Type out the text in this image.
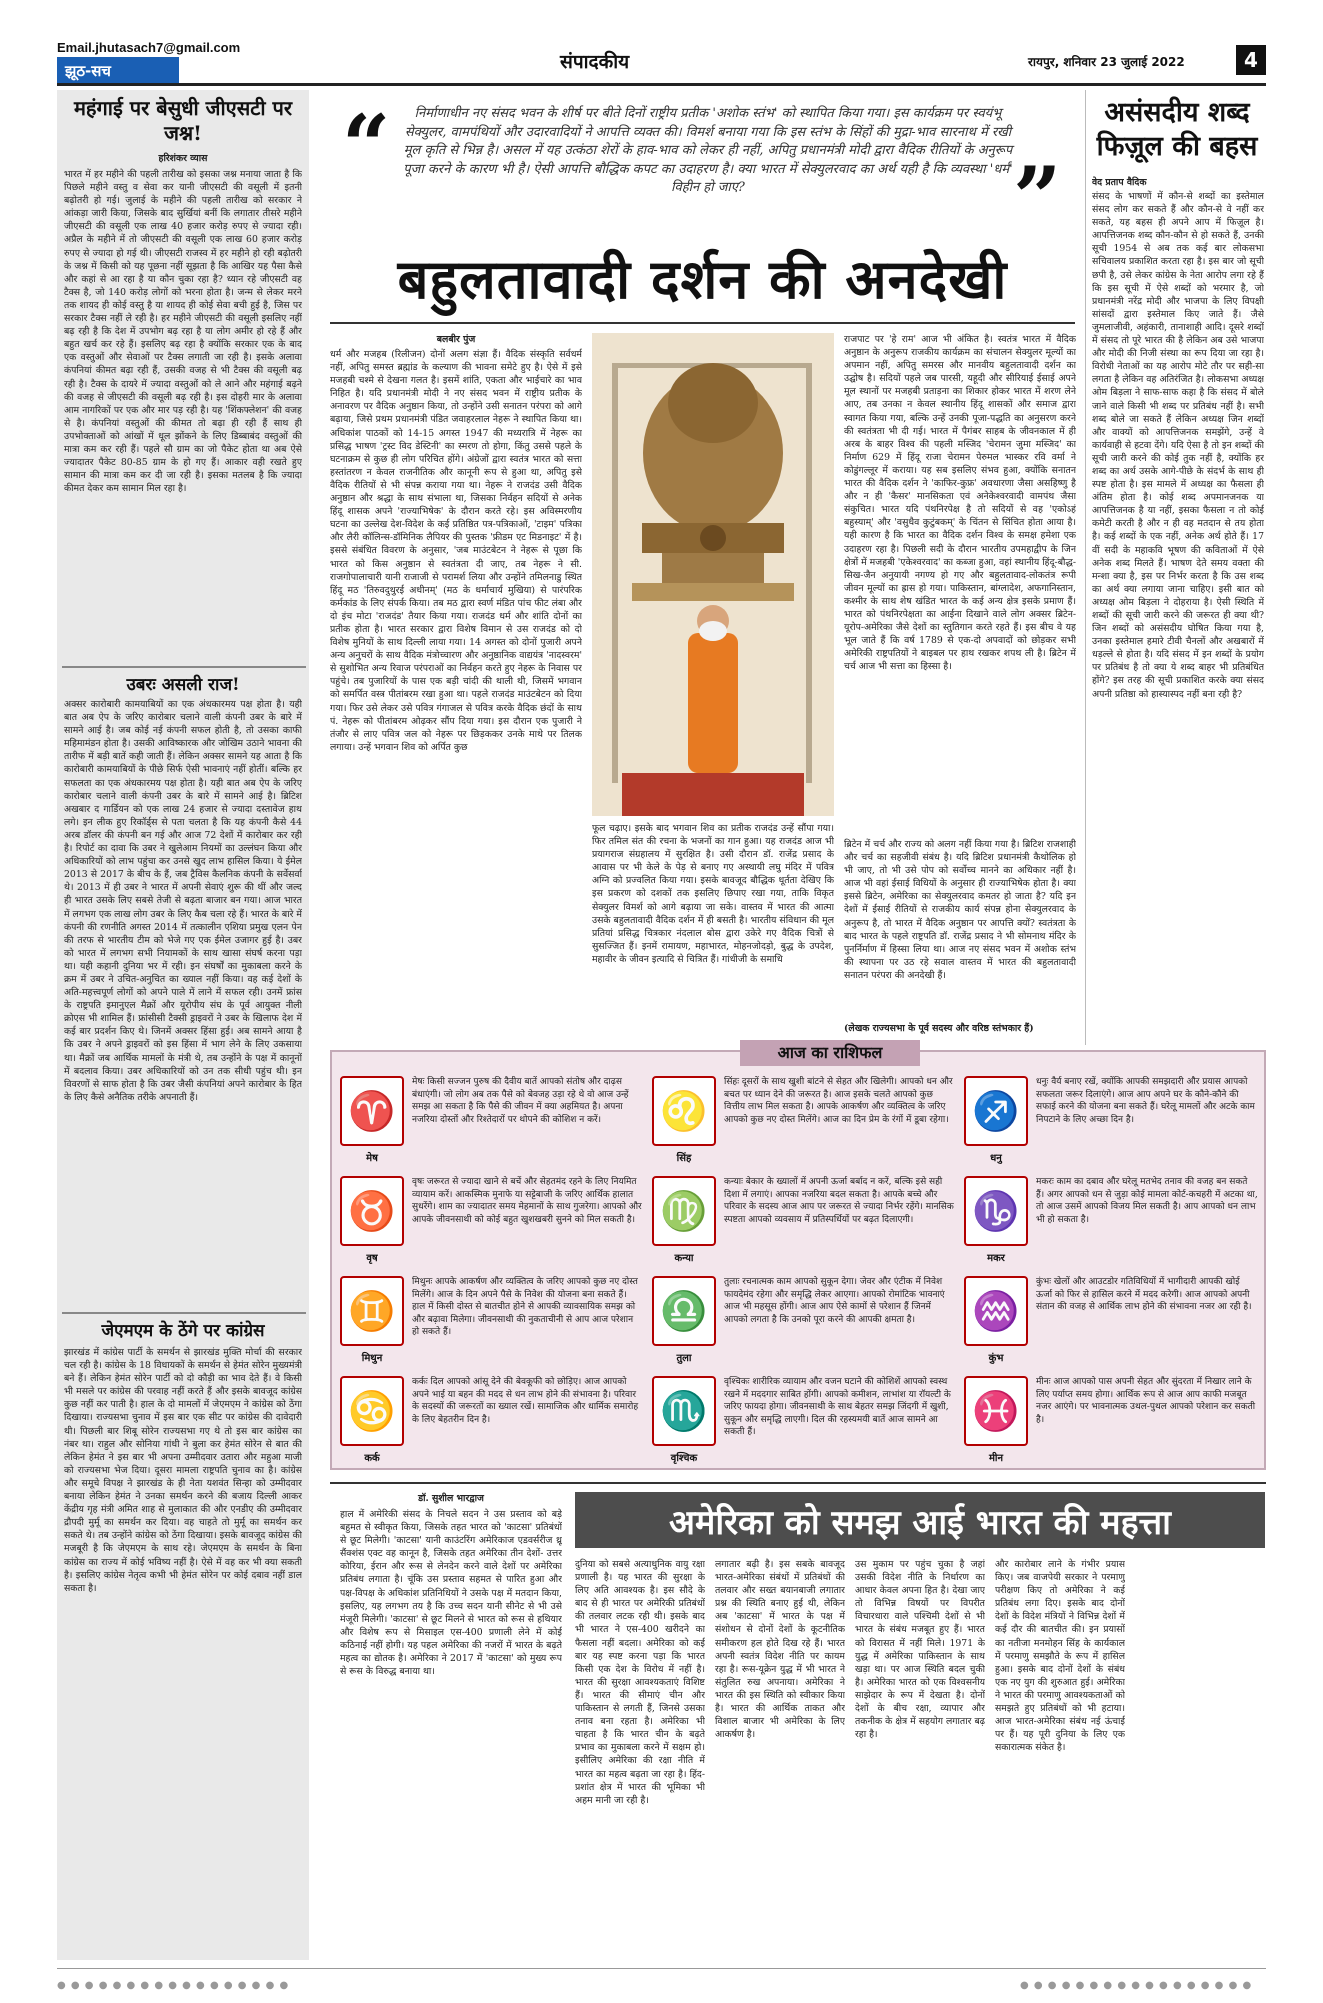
Email.jhutasach7@gmail.com
झूठ-सच	संपादकीय	रायपुर, शनिवार 23 जुलाई 2022	4
महंगाई पर बेसुधी जीएसटी पर जश्न!
हरिशंकर व्यास
भारत में हर महीने की पहली तारीख को इसका जश्न मनाया जाता है कि पिछले महीने वस्तु व सेवा कर यानी जीएसटी की वसूली में इतनी बढ़ोतरी हो गई। जुलाई के महीने की पहली तारीख को सरकार ने आंकड़ा जारी किया, जिसके बाद सुर्खियां बनीं कि लगातार तीसरे महीने जीएसटी की वसूली एक लाख 40 हजार करोड़ रुपए से ज्यादा रही। अप्रैल के महीने में तो जीएसटी की वसूली एक लाख 60 हजार करोड़ रुपए से ज्यादा हो गई थी। जीएसटी राजस्व में हर महीने हो रही बढ़ोतरी के जश्न में किसी को यह पूछना नहीं सूझता है कि आखिर यह पैसा कैसे और कहां से आ रहा है या कौन चुका रहा है? ध्यान रहे जीएसटी वह टैक्स है, जो 140 करोड़ लोगों को भरना होता है। जन्म से लेकर मरने तक शायद ही कोई वस्तु है या शायद ही कोई सेवा बची हुई है, जिस पर सरकार टैक्स नहीं ले रही है। हर महीने जीएसटी की वसूली इसलिए नहीं बढ़ रही है कि देश में उपभोग बढ़ रहा है या लोग अमीर हो रहे हैं और बहुत खर्च कर रहे हैं। इसलिए बढ़ रहा है क्योंकि सरकार एक के बाद एक वस्तुओं और सेवाओं पर टैक्स लगाती जा रही है। इसके अलावा कंपनियां कीमत बढ़ा रही हैं, उसकी वजह से भी टैक्स की वसूली बढ़ रही है। टैक्स के दायरे में ज्यादा वस्तुओं को ले आने और महंगाई बढ़ने की वजह से जीएसटी की वसूली बढ़ रही है। इस दोहरी मार के अलावा आम नागरिकों पर एक और मार पड़ रही है। यह 'शिंकफ्लेशन' की वजह से है। कंपनियां वस्तुओं की कीमत तो बढ़ा ही रही हैं साथ ही उपभोक्ताओं को आंखों में धूल झोंकने के लिए डिब्बाबंद वस्तुओं की मात्रा कम कर रही हैं। पहले सौ ग्राम का जो पैकेट होता था अब ऐसे ज्यादातर पैकेट 80-85 ग्राम के हो गए हैं। आकार वही रखते हुए सामान की मात्रा कम कर दी जा रही है। इसका मतलब है कि ज्यादा कीमत देकर कम सामान मिल रहा है।
उबरः असली राज!
अक्सर कारोबारी कामयाबियों का एक अंधकारमय पक्ष होता है। यही बात अब ऐप के जरिए कारोबार चलाने वाली कंपनी उबर के बारे में सामने आई है। जब कोई नई कंपनी सफल होती है, तो उसका काफी महिमामंडन होता है। उसकी आविष्कारक और जोखिम उठाने भावना की तारीफ में बड़ी बातें कही जाती हैं। लेकिन अक्सर सामने यह आता है कि कारोबारी कामयाबियों के पीछे सिर्फ ऐसी भावनाएं नहीं होतीं। बल्कि हर सफलता का एक अंधकारमय पक्ष होता है। यही बात अब ऐप के जरिए कारोबार चलाने वाली कंपनी उबर के बारे में सामने आई है। ब्रिटिश अखबार द गार्डियन को एक लाख 24 हजार से ज्यादा दस्तावेज हाथ लगे। इन लीक हुए रिकॉर्ड्स से पता चलता है कि यह कंपनी कैसे 44 अरब डॉलर की कंपनी बन गई और आज 72 देशों में कारोबार कर रही है। रिपोर्ट का दावा कि उबर ने खुलेआम नियमों का उल्लंघन किया और अधिकारियों को लाभ पहुंचा कर उनसे खुद लाभ हासिल किया। ये ईमेल 2013 से 2017 के बीच के हैं, जब ट्रैविस कैलनिक कंपनी के सर्वेसर्वा थे। 2013 में ही उबर ने भारत में अपनी सेवाएं शुरू की थीं और जल्द ही भारत उसके लिए सबसे तेजी से बढ़ता बाजार बन गया। आज भारत में लगभग एक लाख लोग उबर के लिए कैब चला रहे हैं। भारत के बारे में कंपनी की रणनीति अगस्त 2014 में तत्कालीन एशिया प्रमुख एलन पेन की तरफ से भारतीय टीम को भेजे गए एक ईमेल उजागर हुई है। उबर को भारत में लगभग सभी नियामकों के साथ खासा संघर्ष करना पड़ा था। यही कहानी दुनिया भर में रही। इन संघर्षों का मुकाबला करने के क्रम में उबर ने उचित-अनुचित का ख्याल नहीं किया। वह कई देशों के अति-महत्त्वपूर्ण लोगों को अपने पाले में लाने में सफल रही। उनमें फ्रांस के राष्ट्रपति इमानुएल मैक्रों और यूरोपीय संघ के पूर्व आयुक्त नीली क्रोएस भी शामिल हैं। फ्रांसीसी टैक्सी ड्राइवरों ने उबर के खिलाफ देश में कई बार प्रदर्शन किए थे। जिनमें अक्सर हिंसा हुई। अब सामने आया है कि उबर ने अपने ड्राइवरों को इस हिंसा में भाग लेने के लिए उकसाया था। मैक्रों जब आर्थिक मामलों के मंत्री थे, तब उन्होंने के पक्ष में कानूनों में बदलाव किया। उबर अधिकारियों को उन तक सीधी पहुंच थी। इन विवरणों से साफ होता है कि उबर जैसी कंपनियां अपने कारोबार के हित के लिए कैसे अनैतिक तरीके अपनाती हैं।
जेएमएम के ठेंगे पर कांग्रेस
झारखंड में कांग्रेस पार्टी के समर्थन से झारखंड मुक्ति मोर्चा की सरकार चल रही है। कांग्रेस के 18 विधायकों के समर्थन से हेमंत सोरेन मुख्यमंत्री बने हैं। लेकिन हेमंत सोरेन पार्टी को दो कौड़ी का भाव देते हैं। वे किसी भी मसले पर कांग्रेस की परवाह नहीं करते हैं और इसके बावजूद कांग्रेस कुछ नहीं कर पाती है। हाल के दो मामलों में जेएमएम ने कांग्रेस को ठेंगा दिखाया। राज्यसभा चुनाव में इस बार एक सीट पर कांग्रेस की दावेदारी थी। पिछली बार शिबू सोरेन राज्यसभा गए थे तो इस बार कांग्रेस का नंबर था। राहुल और सोनिया गांधी ने बुला कर हेमंत सोरेन से बात की लेकिन हेमंत ने इस बार भी अपना उम्मीदवार उतारा और महुआ माजी को राज्यसभा भेज दिया। दूसरा मामला राष्ट्रपति चुनाव का है। कांग्रेस और समूचे विपक्ष ने झारखंड के ही नेता यशवंत सिन्हा को उम्मीदवार बनाया लेकिन हेमंत ने उनका समर्थन करने की बजाय दिल्ली आकर केंद्रीय गृह मंत्री अमित शाह से मुलाकात की और एनडीए की उम्मीदवार द्रौपदी मुर्मू का समर्थन कर दिया। वह चाहते तो मुर्मू का समर्थन कर सकते थे। तब उन्होंने कांग्रेस को ठेंगा दिखाया। इसके बावजूद कांग्रेस की मजबूरी है कि जेएमएम के साथ रहे। जेएमएम के समर्थन के बिना कांग्रेस का राज्य में कोई भविष्य नहीं है। ऐसे में वह कर भी क्या सकती है। इसलिए कांग्रेस नेतृत्व कभी भी हेमंत सोरेन पर कोई दबाव नहीं डाल सकता है।
“	निर्माणाधीन नए संसद भवन के शीर्ष पर बीते दिनों राष्ट्रीय प्रतीक 'अशोक स्तंभ' को स्थापित किया गया। इस कार्यक्रम पर स्वयंभू सेक्युलर, वामपंथियों और उदारवादियों ने आपत्ति व्यक्त की। विमर्श बनाया गया कि इस स्तंभ के सिंहों की मुद्रा-भाव सारनाथ में रखी मूल कृति से भिन्न है। असल में यह उत्कंठा शेरों के हाव-भाव को लेकर ही नहीं, अपितु प्रधानमंत्री मोदी द्वारा वैदिक रीतियों के अनुरूप पूजा करने के कारण भी है। ऐसी आपत्ति बौद्धिक कपट का उदाहरण है। क्या भारत में सेक्युलरवाद का अर्थ यही है कि व्यवस्था 'धर्म' विहीन हो जाए?	”
बहुलतावादी दर्शन की अनदेखी
बलबीर पुंज
धर्म और मजहब (रिलीजन) दोनों अलग संज्ञा हैं। वैदिक संस्कृति सर्वधर्म नहीं, अपितु समस्त ब्रह्मांड के कल्याण की भावना समेटे हुए है। ऐसे में इसे मजहबी चश्मे से देखना गलत है। इसमें शांति, एकता और भाईचारे का भाव निहित है। यदि प्रधानमंत्री मोदी ने नए संसद भवन में राष्ट्रीय प्रतीक के अनावरण पर वैदिक अनुष्ठान किया, तो उन्होंने उसी सनातन परंपरा को आगे बढ़ाया, जिसे प्रथम प्रधानमंत्री पंडित जवाहरलाल नेहरू ने स्थापित किया था। अधिकांश पाठकों को 14-15 अगस्त 1947 की मध्यरात्रि में नेहरू का प्रसिद्ध भाषण 'ट्रस्ट विद डेस्टिनी' का स्मरण तो होगा, किंतु उससे पहले के घटनाक्रम से कुछ ही लोग परिचित होंगे। अंग्रेजों द्वारा स्वतंत्र भारत को सत्ता हस्तांतरण न केवल राजनीतिक और कानूनी रूप से हुआ था, अपितु इसे वैदिक रीतियों से भी संपन्न कराया गया था। नेहरू ने राजदंड उसी वैदिक अनुष्ठान और श्रद्धा के साथ संभाला था, जिसका निर्वहन सदियों से अनेक हिंदू शासक अपने 'राज्याभिषेक' के दौरान करते रहे। इस अविस्मरणीय घटना का उल्लेख देश-विदेश के कई प्रतिष्ठित पत्र-पत्रिकाओं, 'टाइम' पत्रिका और लैरी कॉलिन्स-डॉमिनिक लैपियर की पुस्तक 'फ्रीडम एट मिडनाइट' में है। इससे संबंधित विवरण के अनुसार, 'जब माउंटबेटन ने नेहरू से पूछा कि भारत को किस अनुष्ठान से स्वतंत्रता दी जाए, तब नेहरू ने सी. राजगोपालाचारी यानी राजाजी से परामर्श लिया और उन्होंने तमिलनाडु स्थित हिंदू मठ 'तिरुवदुथुरई अधीनम्' (मठ के धर्माचार्य मुखिया) से पारंपरिक कर्मकांड के लिए संपर्क किया। तब मठ द्वारा स्वर्ण मंडित पांच फीट लंबा और दो इंच मोटा 'राजदंड' तैयार किया गया। राजदंड धर्म और शांति दोनों का प्रतीक होता है। भारत सरकार द्वारा विशेष विमान से उस राजदंड को दो विशेष मुनियों के साथ दिल्ली लाया गया। 14 अगस्त को दोनों पुजारी अपने अन्य अनुचरों के साथ वैदिक मंत्रोच्चारण और अनुष्ठानिक वाद्ययंत्र 'नादस्वरम' से सुशोभित अन्य रिवाज परंपराओं का निर्वहन करते हुए नेहरू के निवास पर पहुंचे। तब पुजारियों के पास एक बड़ी चांदी की थाली थी, जिसमें भगवान को समर्पित वस्त्र पीतांबरम रखा हुआ था। पहले राजदंड माउंटबेटन को दिया गया। फिर उसे लेकर उसे पवित्र गंगाजल से पवित्र करके वैदिक छंदों के साथ पं. नेहरू को पीतांबरम ओढ़कर सौंप दिया गया। इस दौरान एक पुजारी ने तंजौर से लाए पवित्र जल को नेहरू पर छिड़ककर उनके माथे पर तिलक लगाया। उन्हें भगवान शिव को अर्पित कुछ
फूल चढ़ाए। इसके बाद भगवान शिव का प्रतीक राजदंड उन्हें सौंपा गया। फिर तमिल संत की रचना के भजनों का गान हुआ। यह राजदंड आज भी प्रयागराज संग्रहालय में सुरक्षित है। उसी दौरान डॉ. राजेंद्र प्रसाद के आवास पर भी केले के पेड़ से बनाए गए अस्थायी लघु मंदिर में पवित्र अग्नि को प्रज्वलित किया गया। इसके बावजूद बौद्धिक धूर्तता देखिए कि इस प्रकरण को दशकों तक इसलिए छिपाए रखा गया, ताकि विकृत सेक्युलर विमर्श को आगे बढ़ाया जा सके। वास्तव में भारत की आत्मा उसके बहुलतावादी वैदिक दर्शन में ही बसती है। भारतीय संविधान की मूल प्रतियां प्रसिद्ध चित्रकार नंदलाल बोस द्वारा उकेरे गए वैदिक चित्रों से सुसज्जित हैं। इनमें रामायण, महाभारत, मोहनजोदड़ो, बुद्ध के उपदेश, महावीर के जीवन इत्यादि से चित्रित हैं। गांधीजी के समाधि
राजपाट पर 'हे राम' आज भी अंकित है। स्वतंत्र भारत में वैदिक अनुष्ठान के अनुरूप राजकीय कार्यक्रम का संचालन सेक्युलर मूल्यों का अपमान नहीं, अपितु समरस और मानवीय बहुलतावादी दर्शन का उद्घोष है। सदियों पहले जब पारसी, यहूदी और सीरियाई ईसाई अपने मूल स्थानों पर मजहबी प्रताड़ना का शिकार होकर भारत में शरण लेने आए, तब उनका न केवल स्थानीय हिंदू शासकों और समाज द्वारा स्वागत किया गया, बल्कि उन्हें उनकी पूजा-पद्धति का अनुसरण करने की स्वतंत्रता भी दी गई। भारत में पैगंबर साहब के जीवनकाल में ही अरब के बाहर विश्व की पहली मस्जिद 'चेरामन जुमा मस्जिद' का निर्माण 629 में हिंदू राजा चेरामन पेरुमल भास्कर रवि वर्मा ने कोडुंगल्लूर में कराया। यह सब इसलिए संभव हुआ, क्योंकि सनातन भारत की वैदिक दर्शन ने 'काफिर-कुफ्र' अवधारणा जैसा असहिष्णु है और न ही 'कैसर' मानसिकता एवं अनेकेश्वरवादी वामपंथ जैसा संकुचित। भारत यदि पंथनिरपेक्ष है तो सदियों से वह 'एकोऽहं बहुस्याम्' और 'वसुधैव कुटुंबकम्' के चिंतन से सिंचित होता आया है। यही कारण है कि भारत का वैदिक दर्शन विश्व के समक्ष हमेशा एक उदाहरण रहा है। पिछली सदी के दौरान भारतीय उपमहाद्वीप के जिन क्षेत्रों में मजहबी 'एकेश्वरवाद' का कब्जा हुआ, वहां स्थानीय हिंदू-बौद्ध-सिख-जैन अनुयायी नगण्य हो गए और बहुलतावाद-लोकतंत्र रूपी जीवन मूल्यों का ह्रास हो गया। पाकिस्तान, बांग्लादेश, अफगानिस्तान, कश्मीर के साथ शेष खंडित भारत के कई अन्य क्षेत्र इसके प्रमाण हैं। भारत को पंथनिरपेक्षता का आईना दिखाने वाले लोग अक्सर ब्रिटेन-यूरोप-अमेरिका जैसे देशों का स्तुतिगान करते रहते हैं। इस बीच वे यह भूल जाते हैं कि वर्ष 1789 से एक-दो अपवादों को छोड़कर सभी अमेरिकी राष्ट्रपतियों ने बाइबल पर हाथ रखकर शपथ ली है। ब्रिटेन में चर्च आज भी सत्ता का हिस्सा है।
ब्रिटेन में चर्च और राज्य को अलग नहीं किया गया है। ब्रिटिश राजशाही और चर्च का सहजीवी संबंध है। यदि ब्रिटिश प्रधानमंत्री कैथोलिक हो भी जाए, तो भी उसे पोप को सर्वोच्च मानने का अधिकार नहीं है। आज भी वहां ईसाई विधियों के अनुसार ही राज्याभिषेक होता है। क्या इससे ब्रिटेन, अमेरिका का सेक्युलरवाद कमतर हो जाता है? यदि इन देशों में ईसाई रीतियों से राजकीय कार्य संपन्न होना सेक्युलरवाद के अनुरूप है, तो भारत में वैदिक अनुष्ठान पर आपत्ति क्यों? स्वतंत्रता के बाद भारत के पहले राष्ट्रपति डॉ. राजेंद्र प्रसाद ने भी सोमनाथ मंदिर के पुनर्निर्माण में हिस्सा लिया था। आज नए संसद भवन में अशोक स्तंभ की स्थापना पर उठ रहे सवाल वास्तव में भारत की बहुलतावादी सनातन परंपरा की अनदेखी हैं।
(लेखक राज्यसभा के पूर्व सदस्य और वरिष्ठ स्तंभकार हैं)
असंसदीय शब्द फिज़ूल की बहस
वेद प्रताप वैदिक
संसद के भाषणों में कौन-से शब्दों का इस्तेमाल संसद लोग कर सकते हैं और कौन-से वे नहीं कर सकते, यह बहस ही अपने आप में फिज़ूल है। आपत्तिजनक शब्द कौन-कौन से हो सकते हैं, उनकी सूची 1954 से अब तक कई बार लोकसभा सचिवालय प्रकाशित करता रहा है। इस बार जो सूची छपी है, उसे लेकर कांग्रेस के नेता आरोप लगा रहे हैं कि इस सूची में ऐसे शब्दों को भरमार है, जो प्रधानमंत्री नरेंद्र मोदी और भाजपा के लिए विपक्षी सांसदों द्वारा इस्तेमाल किए जाते हैं। जैसे जुमलाजीवी, अहंकारी, तानाशाही आदि। दूसरे शब्दों में संसद तो पूरे भारत की है लेकिन अब उसे भाजपा और मोदी की निजी संस्था का रूप दिया जा रहा है। विरोधी नेताओं का यह आरोप मोटे तौर पर सही-सा लगता है लेकिन वह अतिरंजित है। लोकसभा अध्यक्ष ओम बिड़ला ने साफ-साफ कहा है कि संसद में बोले जाने वाले किसी भी शब्द पर प्रतिबंध नहीं है। सभी शब्द बोले जा सकते हैं लेकिन अध्यक्ष जिन शब्दों और वाक्यों को आपत्तिजनक समझेंगे, उन्हें वे कार्यवाही से हटवा देंगे। यदि ऐसा है तो इन शब्दों की सूची जारी करने की कोई तुक नहीं है, क्योंकि हर शब्द का अर्थ उसके आगे-पीछे के संदर्भ के साथ ही स्पष्ट होता है। इस मामले में अध्यक्ष का फैसला ही अंतिम होता है। कोई शब्द अपमानजनक या आपत्तिजनक है या नहीं, इसका फैसला न तो कोई कमेटी करती है और न ही वह मतदान से तय होता है। कई शब्दों के एक नहीं, अनेक अर्थ होते हैं। 17 वीं सदी के महाकवि भूषण की कविताओं में ऐसे अनेक शब्द मिलते हैं। भाषण देते समय वक्ता की मन्शा क्या है, इस पर निर्भर करता है कि उस शब्द का अर्थ क्या लगाया जाना चाहिए। इसी बात को अध्यक्ष ओम बिड़ला ने दोहराया है। ऐसी स्थिति में शब्दों की सूची जारी करने की जरूरत ही क्या थी? जिन शब्दों को असंसदीय घोषित किया गया है, उनका इस्तेमाल हमारे टीवी चैनलों और अखबारों में धड़ल्ले से होता है। यदि संसद में इन शब्दों के प्रयोग पर प्रतिबंध है तो क्या ये शब्द बाहर भी प्रतिबंधित होंगे? इस तरह की सूची प्रकाशित करके क्या संसद अपनी प्रतिष्ठा को हास्यास्पद नहीं बना रही है?
आज का राशिफल
♈
मेष
मेषः किसी सज्जन पुरुष की दैवीय बातें आपको संतोष और दाढ़स बंधाएंगी। जो लोग अब तक पैसे को बेवजह उड़ा रहे थे वो आज उन्हें समझ आ सकता है कि पैसे की जीवन में क्या अहमियत है। अपना नजरिया दोस्तों और रिश्तेदारों पर थोपने की कोशिश न करें।	♌
सिंह
सिंहः दूसरों के साथ खुशी बांटने से सेहत और खिलेगी। आपको धन और बचत पर ध्यान देने की जरूरत है। आज इसके चलते आपको कुछ वित्तीय लाभ मिल सकता है। आपके आकर्षण और व्यक्तित्व के जरिए आपको कुछ नए दोस्त मिलेंगे। आज का दिन प्रेम के रंगों में डूबा रहेगा। ♐
धनु
धनुः वैर्य बनाए रखें, क्योंकि आपकी समझदारी और प्रयास आपको सफलता जरूर दिलाएंगे। आज आप अपने घर के कौने-कौने की सफाई करने की योजना बना सकते हैं। घरेलू मामलों और अटके काम निपटाने के लिए अच्छा दिन है।
♉
वृष
वृषः जरूरत से ज्यादा खाने से बचें और सेहतमंद रहने के लिए नियमित व्यायाम करें। आकस्मिक मुनाफे या सट्टेबाजी के जरिए आर्थिक हालात सुधरेंगे। शाम का ज्यादातर समय मेहमानों के साथ गुजरेगा। आपको और आपके जीवनसाथी को कोई बहुत खुशखबरी सुनने को मिल सकती है। ♍
कन्या
कन्याः बेकार के ख्यालों में अपनी ऊर्जा बर्बाद न करें, बल्कि इसे सही दिशा में लगाएं। आपका नजरिया बदल सकता है। आपके बच्चे और परिवार के सदस्य आज आप पर जरूरत से ज्यादा निर्भर रहेंगे। मानसिक स्पष्टता आपको व्यवसाय में प्रतिस्पर्धियों पर बढ़त दिलाएगी।	♑
मकर
मकरः काम का दबाव और घरेलू मतभेद तनाव की वजह बन सकते हैं। अगर आपको धन से जुड़ा कोई मामला कोर्ट-कचहरी में अटका था, तो आज उसमें आपको विजय मिल सकती है। आप आपको धन लाभ भी हो सकता है।
♊
मिथुन
मिथुनः आपके आकर्षण और व्यक्तित्व के जरिए आपको कुछ नए दोस्त मिलेंगे। आज के दिन अपने पैसे के निवेश की योजना बना सकते हैं। हाल में किसी दोस्त से बातचीत होने से आपकी व्यावसायिक समझ को और बढ़ावा मिलेगा। जीवनसाथी की नुकताचीनी से आप आज परेशान हो सकते हैं।	♎
तुला
तुलाः रचनात्मक काम आपको सुकून देगा। जेवर और एंटीक में निवेश फायदेमंद रहेगा और समृद्धि लेकर आएगा। आपको रोमांटिक भावनाएं आज भी महसूस होंगी। आज आप ऐसे कामों से परेशान हैं जिनमें आपको लगता है कि उनको पूरा करने की आपकी क्षमता है।	♒
कुंभ
कुंभः खेलों और आउटडोर गतिविधियों में भागीदारी आपकी खोई ऊर्जा को फिर से हासिल करने में मदद करेगी। आज आपको अपनी संतान की वजह से आर्थिक लाभ होने की संभावना नजर आ रही है।
♋
कर्क
कर्कः दिल आपको आंसू देने की बेवकूफी को छोड़िए। आज आपको अपने भाई या बहन की मदद से धन लाभ होने की संभावना है। परिवार के सदस्यों की जरूरतों का ख्याल रखें। सामाजिक और धार्मिक समारोह के लिए बेहतरीन दिन है।	♏
वृश्चिक
वृश्चिकः शारीरिक व्यायाम और वजन घटाने की कोशिशें आपको स्वस्थ रखने में मददगार साबित होंगी। आपको कमीशन, लाभांश या रॉयल्टी के जरिए फायदा होगा। जीवनसाथी के साथ बेहतर समझ जिंदगी में खुशी, सुकून और समृद्धि लाएगी। दिल की रहस्यमयी बातें आज सामने आ सकती हैं।	♓
मीन
मीनः आज आपको पास अपनी सेहत और सुंदरता में निखार लाने के लिए पर्याप्त समय होगा। आर्थिक रूप से आज आप काफी मजबूत नजर आएंगे। पर भावनात्मक उथल-पुथल आपको परेशान कर सकती है।
डॉ. सुशील भारद्वाज
हाल में अमेरिकी संसद के निचले सदन ने उस प्रस्ताव को बड़े बहुमत से स्वीकृत किया, जिसके तहत भारत को 'काटसा' प्रतिबंधों से छूट मिलेगी। 'काटसा' यानी काउंटरिंग अमेरिकाज एडवर्सरीज थ्रू सैंक्शंस एक्ट वह कानून है, जिसके तहत अमेरिका तीन देशों- उत्तर कोरिया, ईरान और रूस से लेनदेन करने वाले देशों पर अमेरिका प्रतिबंध लगाता है। चूंकि उस प्रस्ताव सहमत से पारित हुआ और पक्ष-विपक्ष के अधिकांश प्रतिनिधियों ने उसके पक्ष में मतदान किया, इसलिए, यह लगभग तय है कि उच्च सदन यानी सीनेट से भी उसे मंजूरी मिलेगी। 'काटसा' से छूट मिलने से भारत को रूस से हथियार और विशेष रूप से मिसाइल एस-400 प्रणाली लेने में कोई कठिनाई नहीं होगी। यह पहल अमेरिका की नजरों में भारत के बढ़ते महत्व का द्योतक है। अमेरिका ने 2017 में 'काटसा' को मुख्य रूप से रूस के विरुद्ध बनाया था।
अमेरिका को समझ आई भारत की महत्ता
दुनिया को सबसे अत्याधुनिक वायु रक्षा प्रणाली है। यह भारत की सुरक्षा के लिए अति आवश्यक है। इस सौदे के बाद से ही भारत पर अमेरिकी प्रतिबंधों की तलवार लटक रही थी। इसके बाद भी भारत ने एस-400 खरीदने का फैसला नहीं बदला। अमेरिका को कई बार यह स्पष्ट करना पड़ा कि भारत किसी एक देश के विरोध में नहीं है। भारत की सुरक्षा आवश्यकताएं विशिष्ट हैं। भारत की सीमाएं चीन और पाकिस्तान से लगती हैं, जिनसे उसका तनाव बना रहता है। अमेरिका भी चाहता है कि भारत चीन के बढ़ते प्रभाव का मुकाबला करने में सक्षम हो। इसीलिए अमेरिका की रक्षा नीति में भारत का महत्व बढ़ता जा रहा है। हिंद-प्रशांत क्षेत्र में भारत की भूमिका भी अहम मानी जा रही है।
लगातार बढ़ी है। इस सबके बावजूद भारत-अमेरिका संबंधों में प्रतिबंधों की तलवार और सख्त बयानबाजी लगातार प्रश्न की स्थिति बनाए हुई थी, लेकिन अब 'काटसा' में भारत के पक्ष में संशोधन से दोनों देशों के कूटनीतिक समीकरण हल होते दिख रहे हैं। भारत अपनी स्वतंत्र विदेश नीति पर कायम रहा है। रूस-यूक्रेन युद्ध में भी भारत ने संतुलित रुख अपनाया। अमेरिका ने भारत की इस स्थिति को स्वीकार किया है। भारत की आर्थिक ताकत और विशाल बाजार भी अमेरिका के लिए आकर्षण है।
उस मुकाम पर पहुंच चुका है जहां उसकी विदेश नीति के निर्धारण का आधार केवल अपना हित है। देखा जाए तो विभिन्न विषयों पर विपरीत विचारधारा वाले पश्चिमी देशों से भी भारत के संबंध मजबूत हुए हैं। भारत को विरासत में नहीं मिले। 1971 के युद्ध में अमेरिका पाकिस्तान के साथ खड़ा था। पर आज स्थिति बदल चुकी है। अमेरिका भारत को एक विश्वसनीय साझेदार के रूप में देखता है। दोनों देशों के बीच रक्षा, व्यापार और तकनीक के क्षेत्र में सहयोग लगातार बढ़ रहा है।
और कारोबार लाने के गंभीर प्रयास किए। जब वाजपेयी सरकार ने परमाणु परीक्षण किए तो अमेरिका ने कई प्रतिबंध लगा दिए। इसके बाद दोनों देशों के विदेश मंत्रियों ने विभिन्न देशों में कई दौर की बातचीत की। इन प्रयासों का नतीजा मनमोहन सिंह के कार्यकाल में परमाणु समझौते के रूप में हासिल हुआ। इसके बाद दोनों देशों के संबंध एक नए युग की शुरुआत हुई। अमेरिका ने भारत की परमाणु आवश्यकताओं को समझते हुए प्रतिबंधों को भी हटाया। आज भारत-अमेरिका संबंध नई ऊंचाई पर हैं। यह पूरी दुनिया के लिए एक सकारात्मक संकेत है।
● ● ● ● ● ● ● ● ● ● ● ● ● ● ● ● ●	● ● ● ● ● ● ● ● ● ● ● ● ● ● ● ● ●
